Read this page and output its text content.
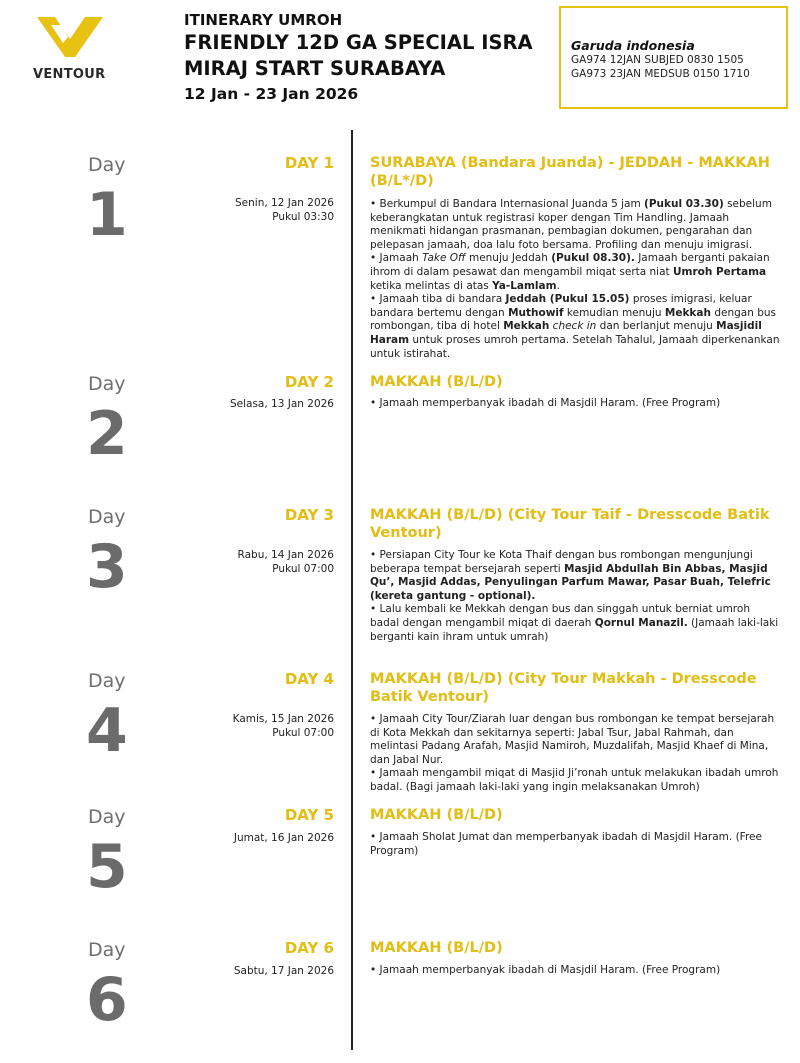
VENTOUR
ITINERARY UMROH
FRIENDLY 12D GA SPECIAL ISRA
MIRAJ START SURABAYA
12 Jan - 23 Jan 2026
Garuda indonesia
GA974 12JAN SUBJED 0830 1505
GA973 23JAN MEDSUB 0150 1710
Day
1
DAY 1
Senin, 12 Jan 2026
Pukul 03:30
SURABAYA (Bandara Juanda) - JEDDAH - MAKKAH
(B/L*/D)

• Berkumpul di Bandara Internasional Juanda 5 jam (Pukul 03.30) sebelum keberangkatan untuk registrasi koper dengan Tim Handling. Jamaah menikmati hidangan prasmanan, pembagian dokumen, pengarahan dan pelepasan jamaah, doa lalu foto bersama. Profiling dan menuju imigrasi.

• Jamaah Take Off menuju Jeddah (Pukul 08.30). Jamaah berganti pakaian ihrom di dalam pesawat dan mengambil miqat serta niat Umroh Pertama ketika melintas di atas Ya-Lamlam.

• Jamaah tiba di bandara Jeddah (Pukul 15.05) proses imigrasi, keluar bandara bertemu dengan Muthowif kemudian menuju Mekkah dengan bus rombongan, tiba di hotel Mekkah check in dan berlanjut menuju Masjidil Haram untuk proses umroh pertama. Setelah Tahalul, Jamaah diperkenankan untuk istirahat.

Day
2
DAY 2
Selasa, 13 Jan 2026
MAKKAH (B/L/D)

• Jamaah memperbanyak ibadah di Masjdil Haram. (Free Program)

Day
3
DAY 3
Rabu, 14 Jan 2026
Pukul 07:00
MAKKAH (B/L/D) (City Tour Taif - Dresscode Batik
Ventour)

• Persiapan City Tour ke Kota Thaif dengan bus rombongan mengunjungi beberapa tempat bersejarah seperti Masjid Abdullah Bin Abbas, Masjid Qu’, Masjid Addas, Penyulingan Parfum Mawar, Pasar Buah, Telefric (kereta gantung - optional).

• Lalu kembali ke Mekkah dengan bus dan singgah untuk berniat umroh badal dengan mengambil miqat di daerah Qornul Manazil. (Jamaah laki-laki berganti kain ihram untuk umrah)

Day
4
DAY 4
Kamis, 15 Jan 2026
Pukul 07:00
MAKKAH (B/L/D) (City Tour Makkah - Dresscode
Batik Ventour)

• Jamaah City Tour/Ziarah luar dengan bus rombongan ke tempat bersejarah di Kota Mekkah dan sekitarnya seperti: Jabal Tsur, Jabal Rahmah, dan melintasi Padang Arafah, Masjid Namiroh, Muzdalifah, Masjid Khaef di Mina, dan Jabal Nur.

• Jamaah mengambil miqat di Masjid Ji’ronah untuk melakukan ibadah umroh badal. (Bagi jamaah laki-laki yang ingin melaksanakan Umroh)

Day
5
DAY 5
Jumat, 16 Jan 2026
MAKKAH (B/L/D)

• Jamaah Sholat Jumat dan memperbanyak ibadah di Masjdil Haram. (Free Program)

Day
6
DAY 6
Sabtu, 17 Jan 2026
MAKKAH (B/L/D)

• Jamaah memperbanyak ibadah di Masjdil Haram. (Free Program)
